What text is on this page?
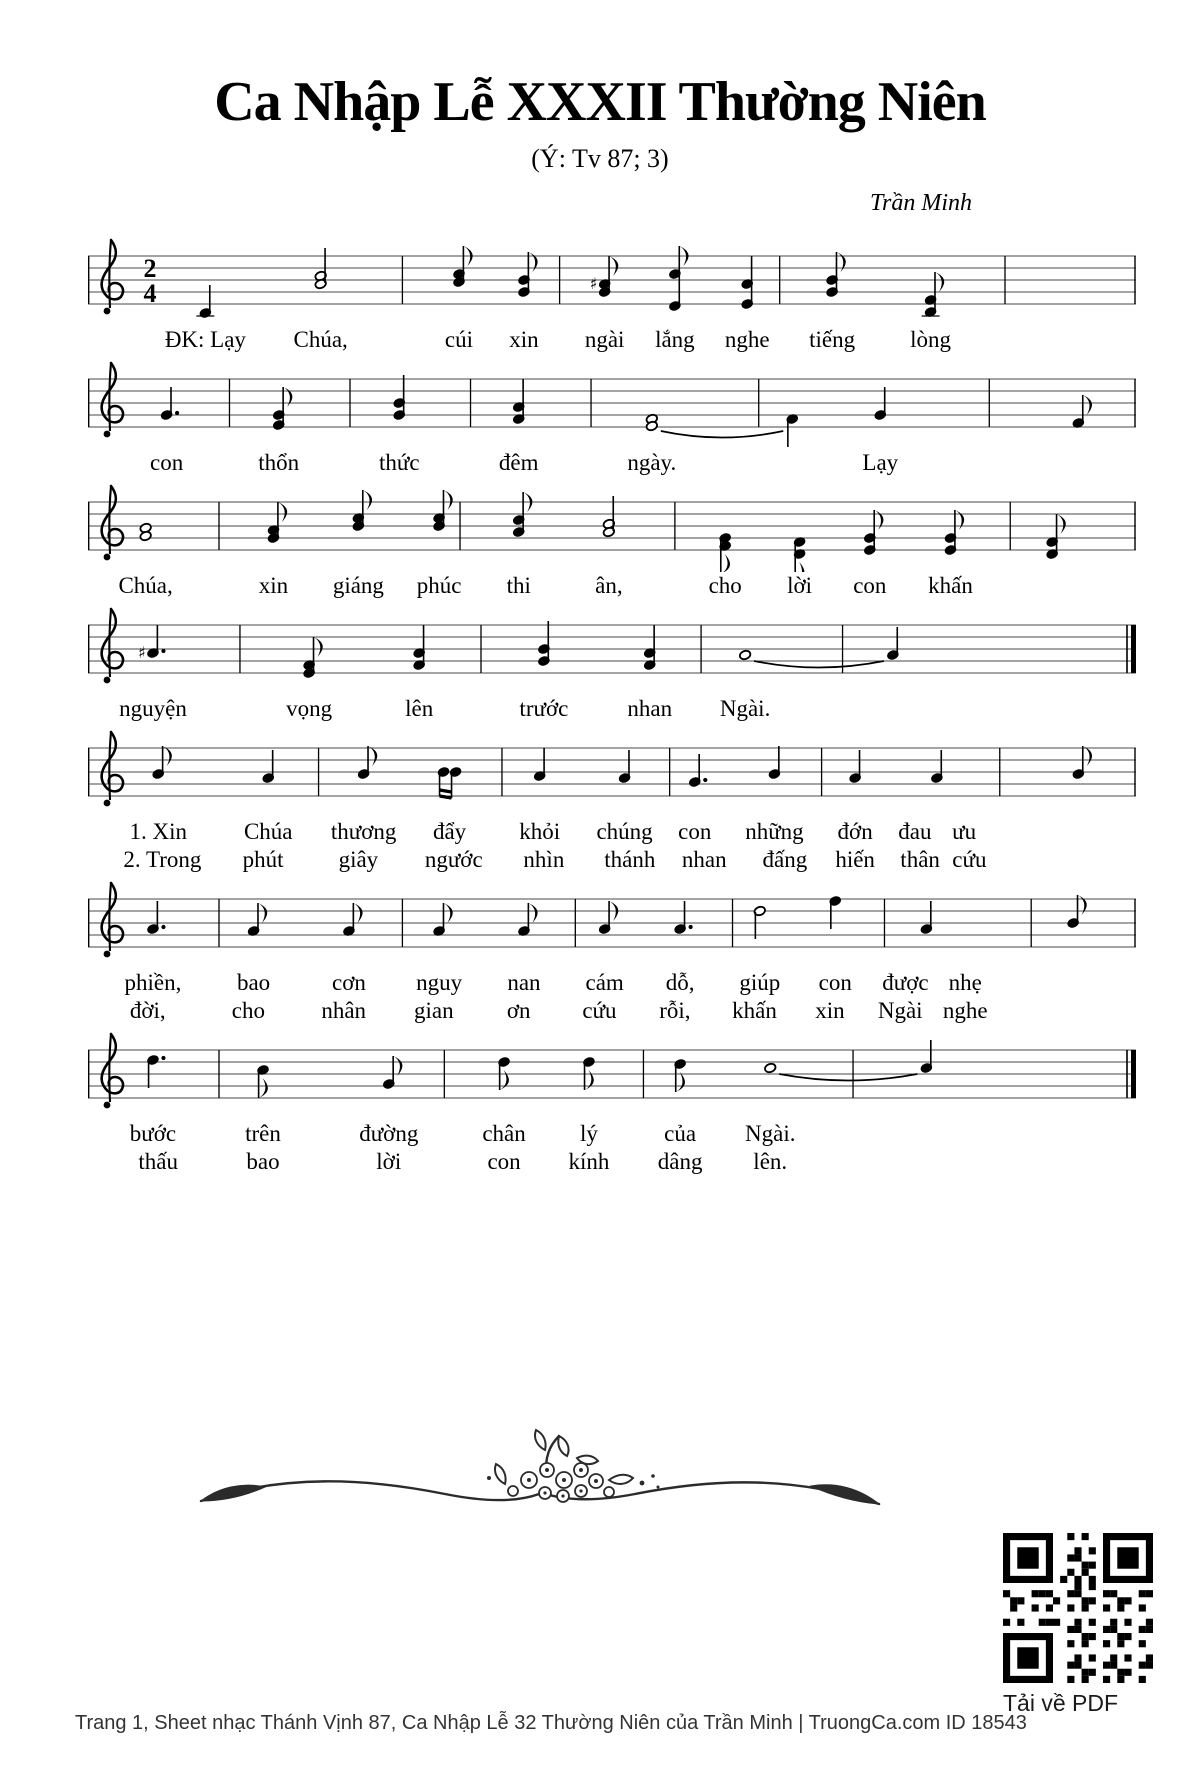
Ca Nhập Lễ XXXII Thường Niên
(Ý: Tv 87; 3)
Trần Minh
2
4	♯
ĐK: Lạy Chúa,	cúi xin ngài lắng nghe tiếng lòng
con	thổn	thức	đêm	ngày.	Lạy
Chúa,	xin giáng phúc thi	ân,	cho lời con khấn
♯
nguyện	vọng	lên	trước	nhan Ngài.
1. Xin Chúa thương đẩy khỏi chúng con những đớn đau ưu
2. Trong phút giây ngước nhìn thánh nhan đấng hiến thân cứu
phiền, bao	cơn nguy nan cám dỗ, giúp con được nhẹ
đời,	cho nhân gian ơn cứu rỗi, khấn xin Ngài nghe
bước	trên	đường	chân lý	của Ngài.
thấu	bao	lời	con kính dâng lên.
Tải về PDF
Trang 1, Sheet nhạc Thánh Vịnh 87, Ca Nhập Lễ 32 Thường Niên của Trần Minh | TruongCa.com ID 18543
